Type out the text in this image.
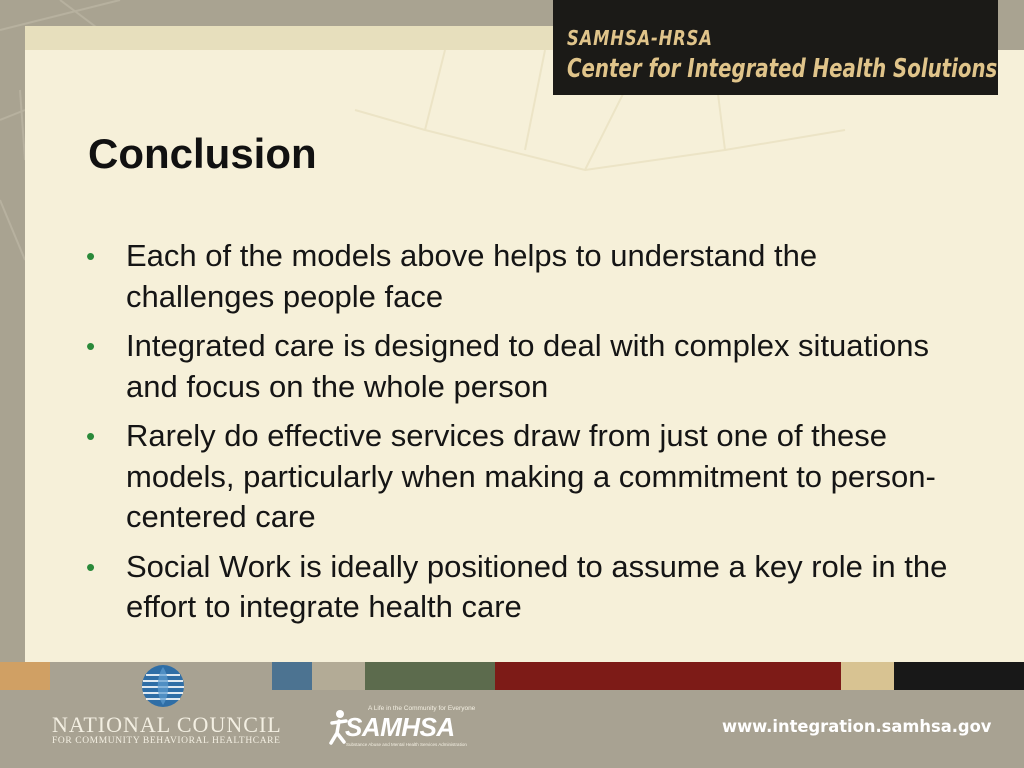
SAMHSA-HRSA
Center for Integrated Health Solutions
Conclusion
• Each of the models above helps to understand the challenges people face
• Integrated care is designed to deal with complex situations and focus on the whole person
• Rarely do effective services draw from just one of these models, particularly when making a commitment to person-centered care
• Social Work is ideally positioned to assume a key role in the effort to integrate health care
NATIONAL COUNCIL
FOR COMMUNITY BEHAVIORAL HEALTHCARE
A Life in the Community for Everyone
SAMHSA
Substance Abuse and Mental Health Services Administration
www.integration.samhsa.gov
